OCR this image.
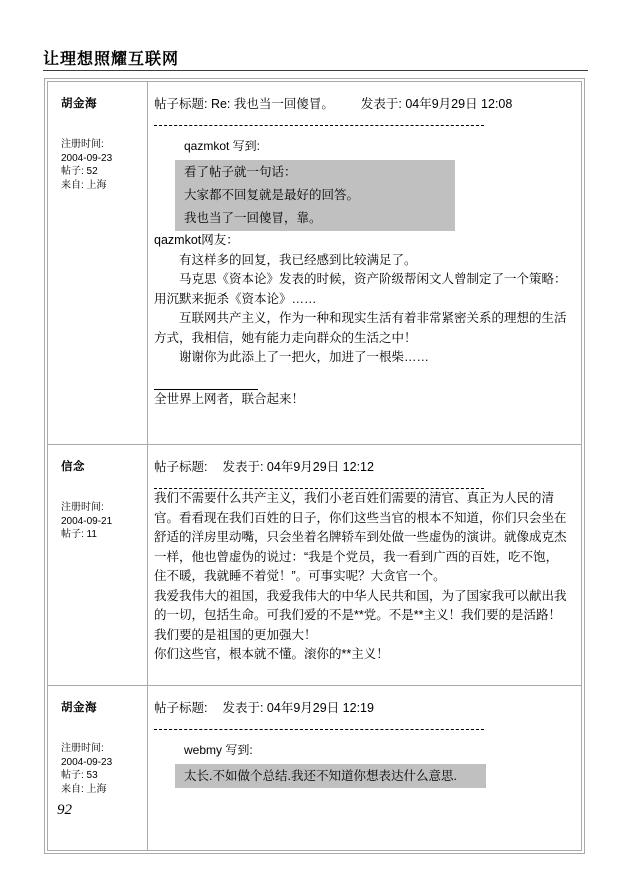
让理想照耀互联网
胡金海
注册时间:
2004-09-23
帖子: 52
来自: 上海

帖子标题: Re: 我也当一回傻冒。 发表于: 04年9月29日 12:08
qazmkot 写到:
看了帖子就一句话：
大家都不回复就是最好的回答。
我也当了一回傻冒，靠。

qazmkot网友：

有这样多的回复，我已经感到比较满足了。

马克思《资本论》发表的时候，资产阶级帮闲文人曾制定了一个策略：用沉默来扼杀《资本论》……

互联网共产主义，作为一种和现实生活有着非常紧密关系的理想的生活方式，我相信，她有能力走向群众的生活之中！

谢谢你为此添上了一把火，加进了一根柴……

全世界上网者，联合起来！

信念
注册时间:
2004-09-21
帖子: 11

帖子标题: 发表于: 04年9月29日 12:12

我们不需要什么共产主义，我们小老百姓们需要的清官、真正为人民的清官。看看现在我们百姓的日子，你们这些当官的根本不知道，你们只会坐在舒适的洋房里动嘴，只会坐着名牌轿车到处做一些虚伪的演讲。就像成克杰一样，他也曾虚伪的说过：“我是个党员，我一看到广西的百姓，吃不饱，住不暖，我就睡不着觉！”。可事实呢？大贪官一个。

我爱我伟大的祖国，我爱我伟大的中华人民共和国，为了国家我可以献出我的一切，包括生命。可我们爱的不是**党。不是**主义！我们要的是活路！我们要的是祖国的更加强大！

你们这些官，根本就不懂。滚你的**主义！

胡金海
注册时间:
2004-09-23
帖子: 53
来自: 上海

帖子标题: 发表于: 04年9月29日 12:19
webmy 写到:
太长.不如做个总结.我还不知道你想表达什么意思.
92
